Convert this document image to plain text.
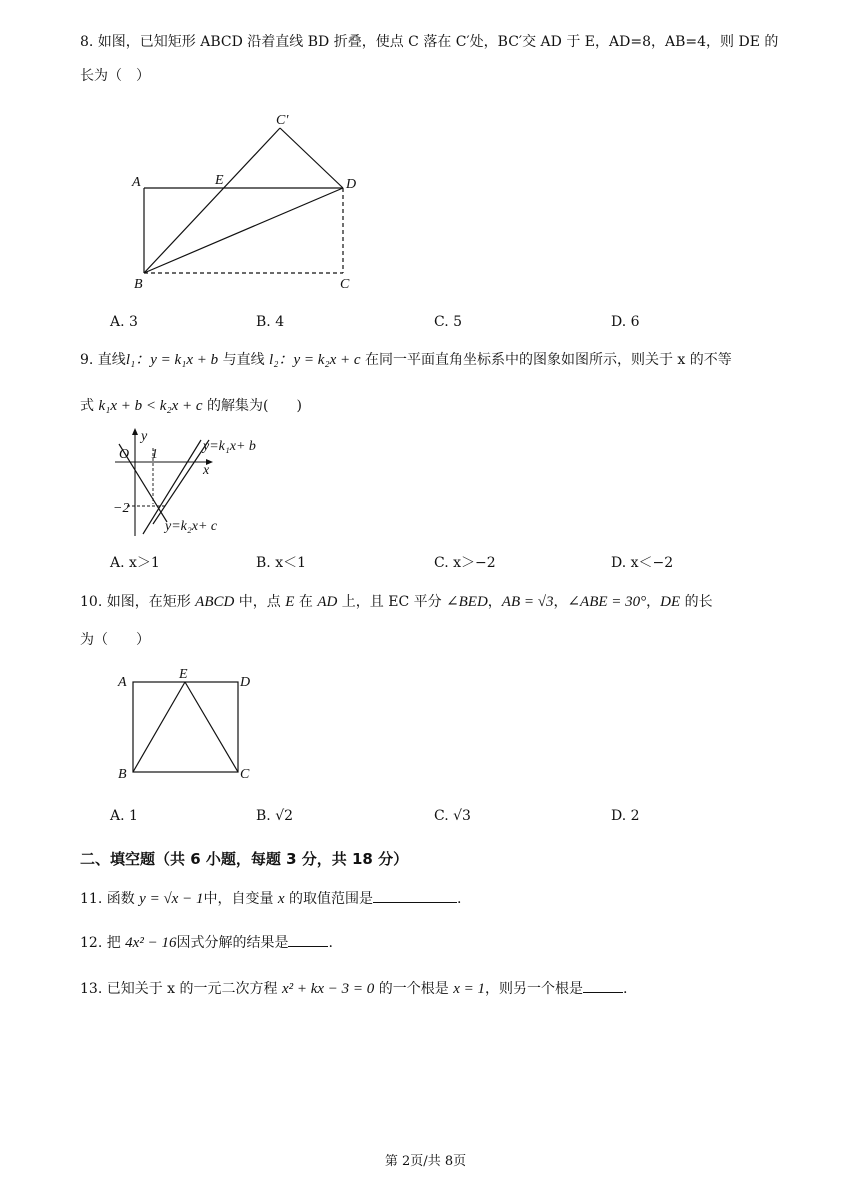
8. 如图，已知矩形 ABCD 沿着直线 BD 折叠，使点 C 落在 C′处，BC′交 AD 于 E，AD=8，AB=4，则 DE 的
长为（　）
A	E	D
B	C
C′
A. 3	B. 4	C. 5	D. 6
9. 直线l₁：y = k₁x + b 与直线 l₂：y = k₂x + c 在同一平面直角坐标系中的图象如图所示，则关于 x 的不等
式 k₁x + b < k₂x + c 的解集为(　　)
y
x
O 1
−2
y=k₁x+ b
y=k₂x+ c
A. x＞1	B. x＜1	C. x＞−2	D. x＜−2
10. 如图，在矩形 ABCD 中，点 E 在 AD 上，且 EC 平分 ∠BED，AB = √3，∠ABE = 30°，DE 的长
为（　　）
A
E
D
B	C
A. 1	B. √2	C. √3	D. 2
二、填空题（共 6 小题，每题 3 分，共 18 分）
11. 函数 y = √x − 1中，自变量 x 的取值范围是	.
12. 把 4x² − 16因式分解的结果是	.
13. 已知关于 x 的一元二次方程 x² + kx − 3 = 0 的一个根是 x = 1，则另一个根是	.
第 2页/共 8页
